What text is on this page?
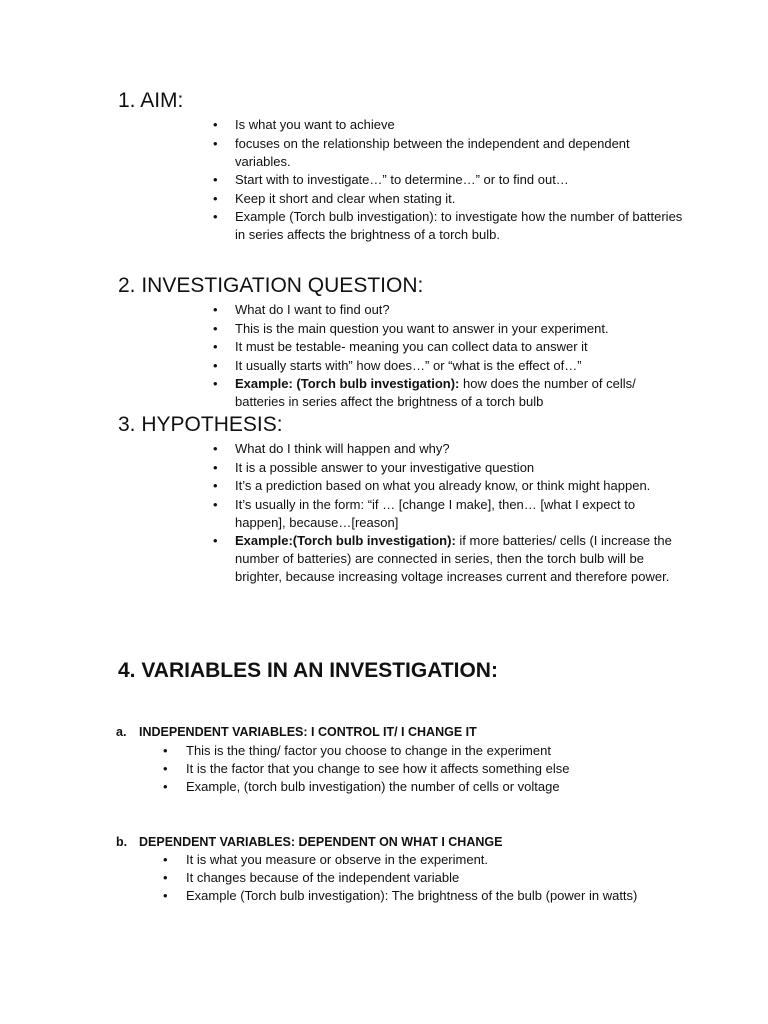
1. AIM:
• Is what you want to achieve
• focuses on the relationship between the independent and dependent variables.
• Start with to investigate…” to determine…” or to find out…
• Keep it short and clear when stating it.
• Example (Torch bulb investigation): to investigate how the number of batteries in series affects the brightness of a torch bulb.
2. INVESTIGATION QUESTION:
• What do I want to find out?
• This is the main question you want to answer in your experiment.
• It must be testable- meaning you can collect data to answer it
• It usually starts with” how does…” or “what is the effect of…”
• Example: (Torch bulb investigation): how does the number of cells/ batteries in series affect the brightness of a torch bulb
3. HYPOTHESIS:
• What do I think will happen and why?
• It is a possible answer to your investigative question
• It’s a prediction based on what you already know, or think might happen.
• It’s usually in the form: “if … [change I make], then… [what I expect to happen], because…[reason]
• Example:(Torch bulb investigation): if more batteries/ cells (I increase the number of batteries) are connected in series, then the torch bulb will be brighter, because increasing voltage increases current and therefore power.
4. VARIABLES IN AN INVESTIGATION:

a. INDEPENDENT VARIABLES: I CONTROL IT/ I CHANGE IT

• This is the thing/ factor you choose to change in the experiment
• It is the factor that you change to see how it affects something else
• Example, (torch bulb investigation) the number of cells or voltage

b. DEPENDENT VARIABLES: DEPENDENT ON WHAT I CHANGE

• It is what you measure or observe in the experiment.
• It changes because of the independent variable
• Example (Torch bulb investigation): The brightness of the bulb (power in watts)
